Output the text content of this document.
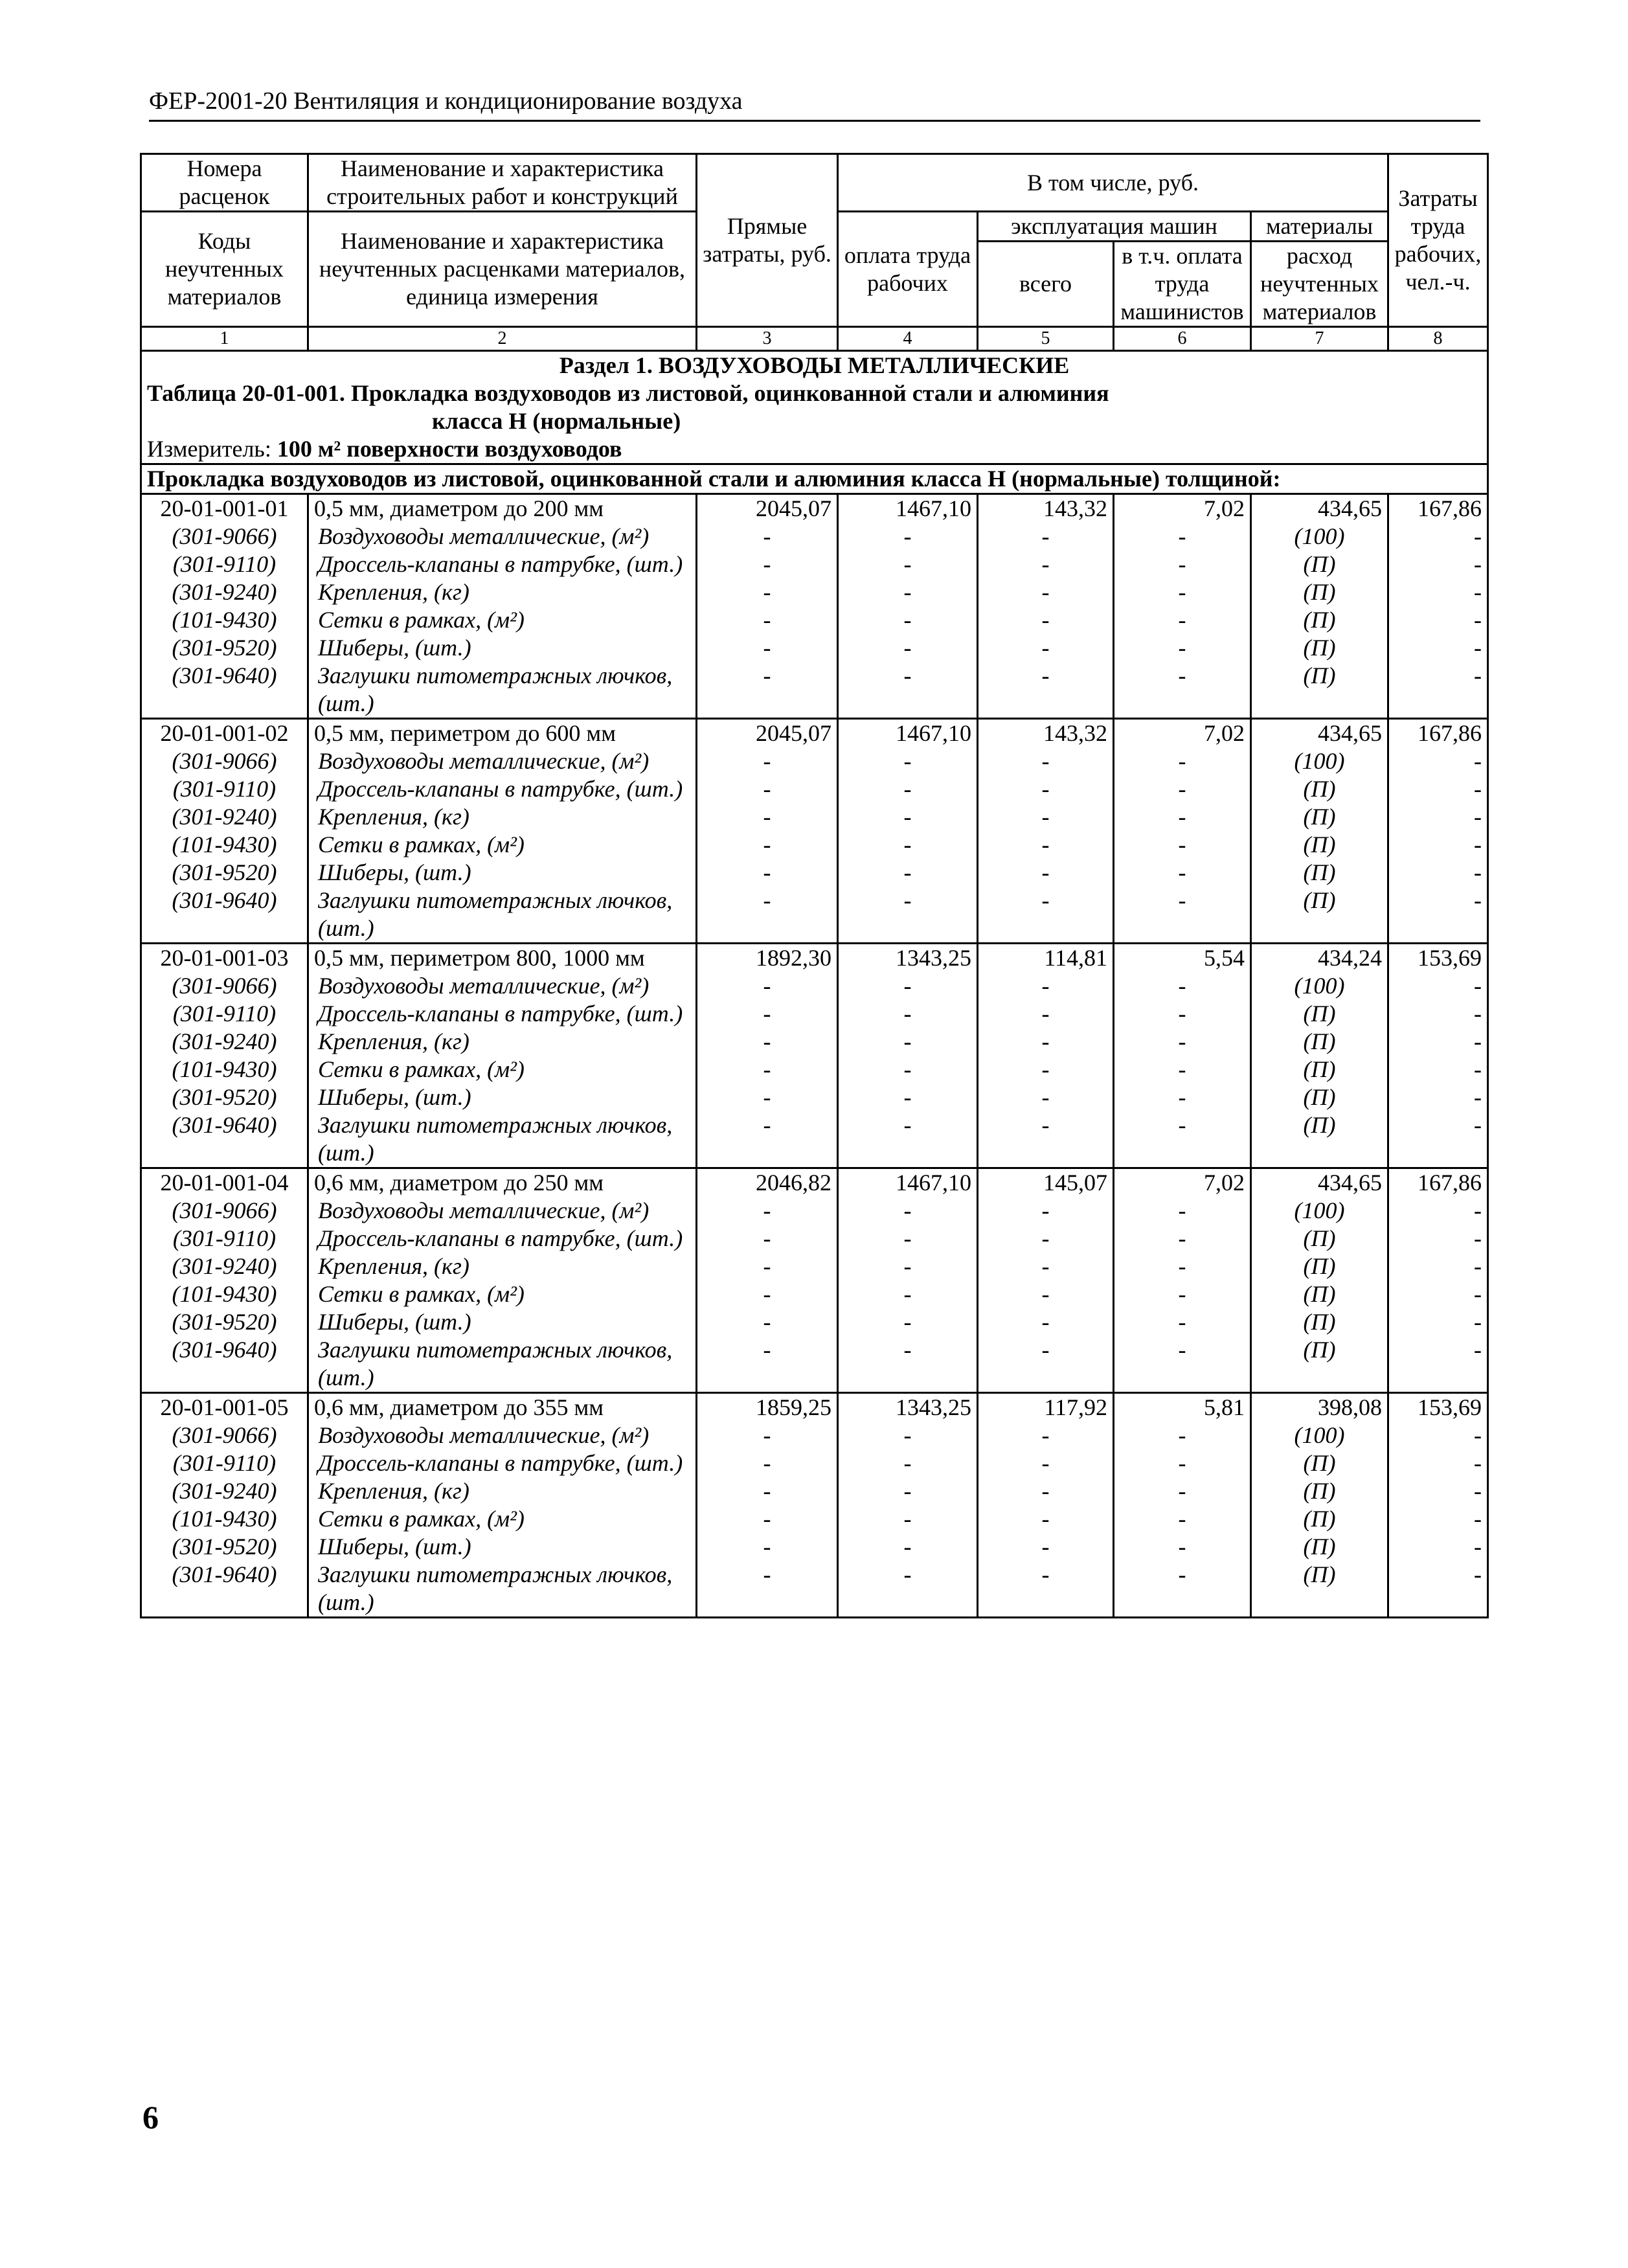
ФЕР-2001-20 Вентиляция и кондиционирование воздуха
Номера расценок	Наименование и характеристика строительных работ и конструкций	Прямые затраты, руб.	В том числе, руб.				Затраты труда рабочих, чел.-ч.
Коды неучтенных материалов	Наименование и характеристика неучтенных расценками материалов, единица измерения		оплата труда рабочих	эксплуатация машин		материалы	
				всего	в т.ч. оплата труда машинистов	расход неучтенных материалов	
1	2	3	4	5	6	7	8
Раздел 1. ВОЗДУХОВОДЫ МЕТАЛЛИЧЕСКИЕ							
Таблица 20-01-001. Прокладка воздуховодов из листовой, оцинкованной стали и алюминия
класса Н (нормальные)							

Измеритель: 100 м² поверхности воздуховодов							
Прокладка воздуховодов из листовой, оцинкованной стали и алюминия класса Н (нормальные) толщиной:							
20-01-001-01	0,5 мм, диаметром до 200 мм	2045,07	1467,10	143,32	7,02	434,65	167,86
(301-9066)	Воздуховоды металлические, (м²)	-	-	-	-	(100)	-
(301-9110)	Дроссель-клапаны в патрубке, (шт.)	-	-	-	-	(П)	-
(301-9240)	Крепления, (кг)	-	-	-	-	(П)	-
(101-9430)	Сетки в рамках, (м²)	-	-	-	-	(П)	-
(301-9520)	Шиберы, (шт.)	-	-	-	-	(П)	-
(301-9640)	Заглушки питометражных лючков, (шт.)	-	-	-	-	(П)	-
20-01-001-02	0,5 мм, периметром до 600 мм	2045,07	1467,10	143,32	7,02	434,65	167,86
(301-9066)	Воздуховоды металлические, (м²)	-	-	-	-	(100)	-
(301-9110)	Дроссель-клапаны в патрубке, (шт.)	-	-	-	-	(П)	-
(301-9240)	Крепления, (кг)	-	-	-	-	(П)	-
(101-9430)	Сетки в рамках, (м²)	-	-	-	-	(П)	-
(301-9520)	Шиберы, (шт.)	-	-	-	-	(П)	-
(301-9640)	Заглушки питометражных лючков, (шт.)	-	-	-	-	(П)	-
20-01-001-03	0,5 мм, периметром 800, 1000 мм	1892,30	1343,25	114,81	5,54	434,24	153,69
(301-9066)	Воздуховоды металлические, (м²)	-	-	-	-	(100)	-
(301-9110)	Дроссель-клапаны в патрубке, (шт.)	-	-	-	-	(П)	-
(301-9240)	Крепления, (кг)	-	-	-	-	(П)	-
(101-9430)	Сетки в рамках, (м²)	-	-	-	-	(П)	-
(301-9520)	Шиберы, (шт.)	-	-	-	-	(П)	-
(301-9640)	Заглушки питометражных лючков, (шт.)	-	-	-	-	(П)	-
20-01-001-04	0,6 мм, диаметром до 250 мм	2046,82	1467,10	145,07	7,02	434,65	167,86
(301-9066)	Воздуховоды металлические, (м²)	-	-	-	-	(100)	-
(301-9110)	Дроссель-клапаны в патрубке, (шт.)	-	-	-	-	(П)	-
(301-9240)	Крепления, (кг)	-	-	-	-	(П)	-
(101-9430)	Сетки в рамках, (м²)	-	-	-	-	(П)	-
(301-9520)	Шиберы, (шт.)	-	-	-	-	(П)	-
(301-9640)	Заглушки питометражных лючков, (шт.)	-	-	-	-	(П)	-
20-01-001-05	0,6 мм, диаметром до 355 мм	1859,25	1343,25	117,92	5,81	398,08	153,69
(301-9066)	Воздуховоды металлические, (м²)	-	-	-	-	(100)	-
(301-9110)	Дроссель-клапаны в патрубке, (шт.)	-	-	-	-	(П)	-
(301-9240)	Крепления, (кг)	-	-	-	-	(П)	-
(101-9430)	Сетки в рамках, (м²)	-	-	-	-	(П)	-
(301-9520)	Шиберы, (шт.)	-	-	-	-	(П)	-
(301-9640)	Заглушки питометражных лючков, (шт.)	-	-	-	-	(П)	-
6
